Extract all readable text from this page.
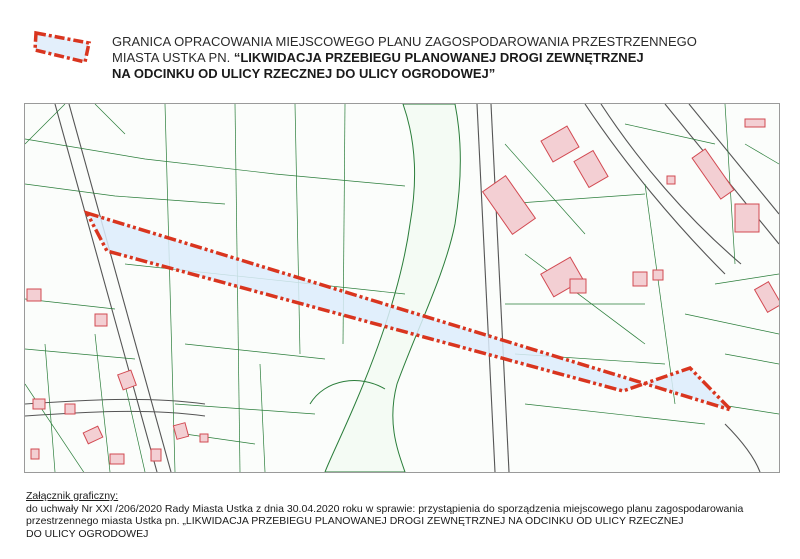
GRANICA OPRACOWANIA MIEJSCOWEGO PLANU ZAGOSPODAROWANIA PRZESTRZENNEGO
MIASTA USTKA PN. “LIKWIDACJA PRZEBIEGU PLANOWANEJ DROGI ZEWNĘTRZNEJ
NA ODCINKU OD ULICY RZECZNEJ DO ULICY OGRODOWEJ”
Załącznik graficzny:
do uchwały Nr XXI /206/2020 Rady Miasta Ustka z dnia 30.04.2020 roku w sprawie: przystąpienia do sporządzenia miejscowego planu zagospodarowania
przestrzennego miasta Ustka pn. „LIKWIDACJA PRZEBIEGU PLANOWANEJ DROGI ZEWNĘTRZNEJ NA ODCINKU OD ULICY RZECZNEJ
DO ULICY OGRODOWEJ
